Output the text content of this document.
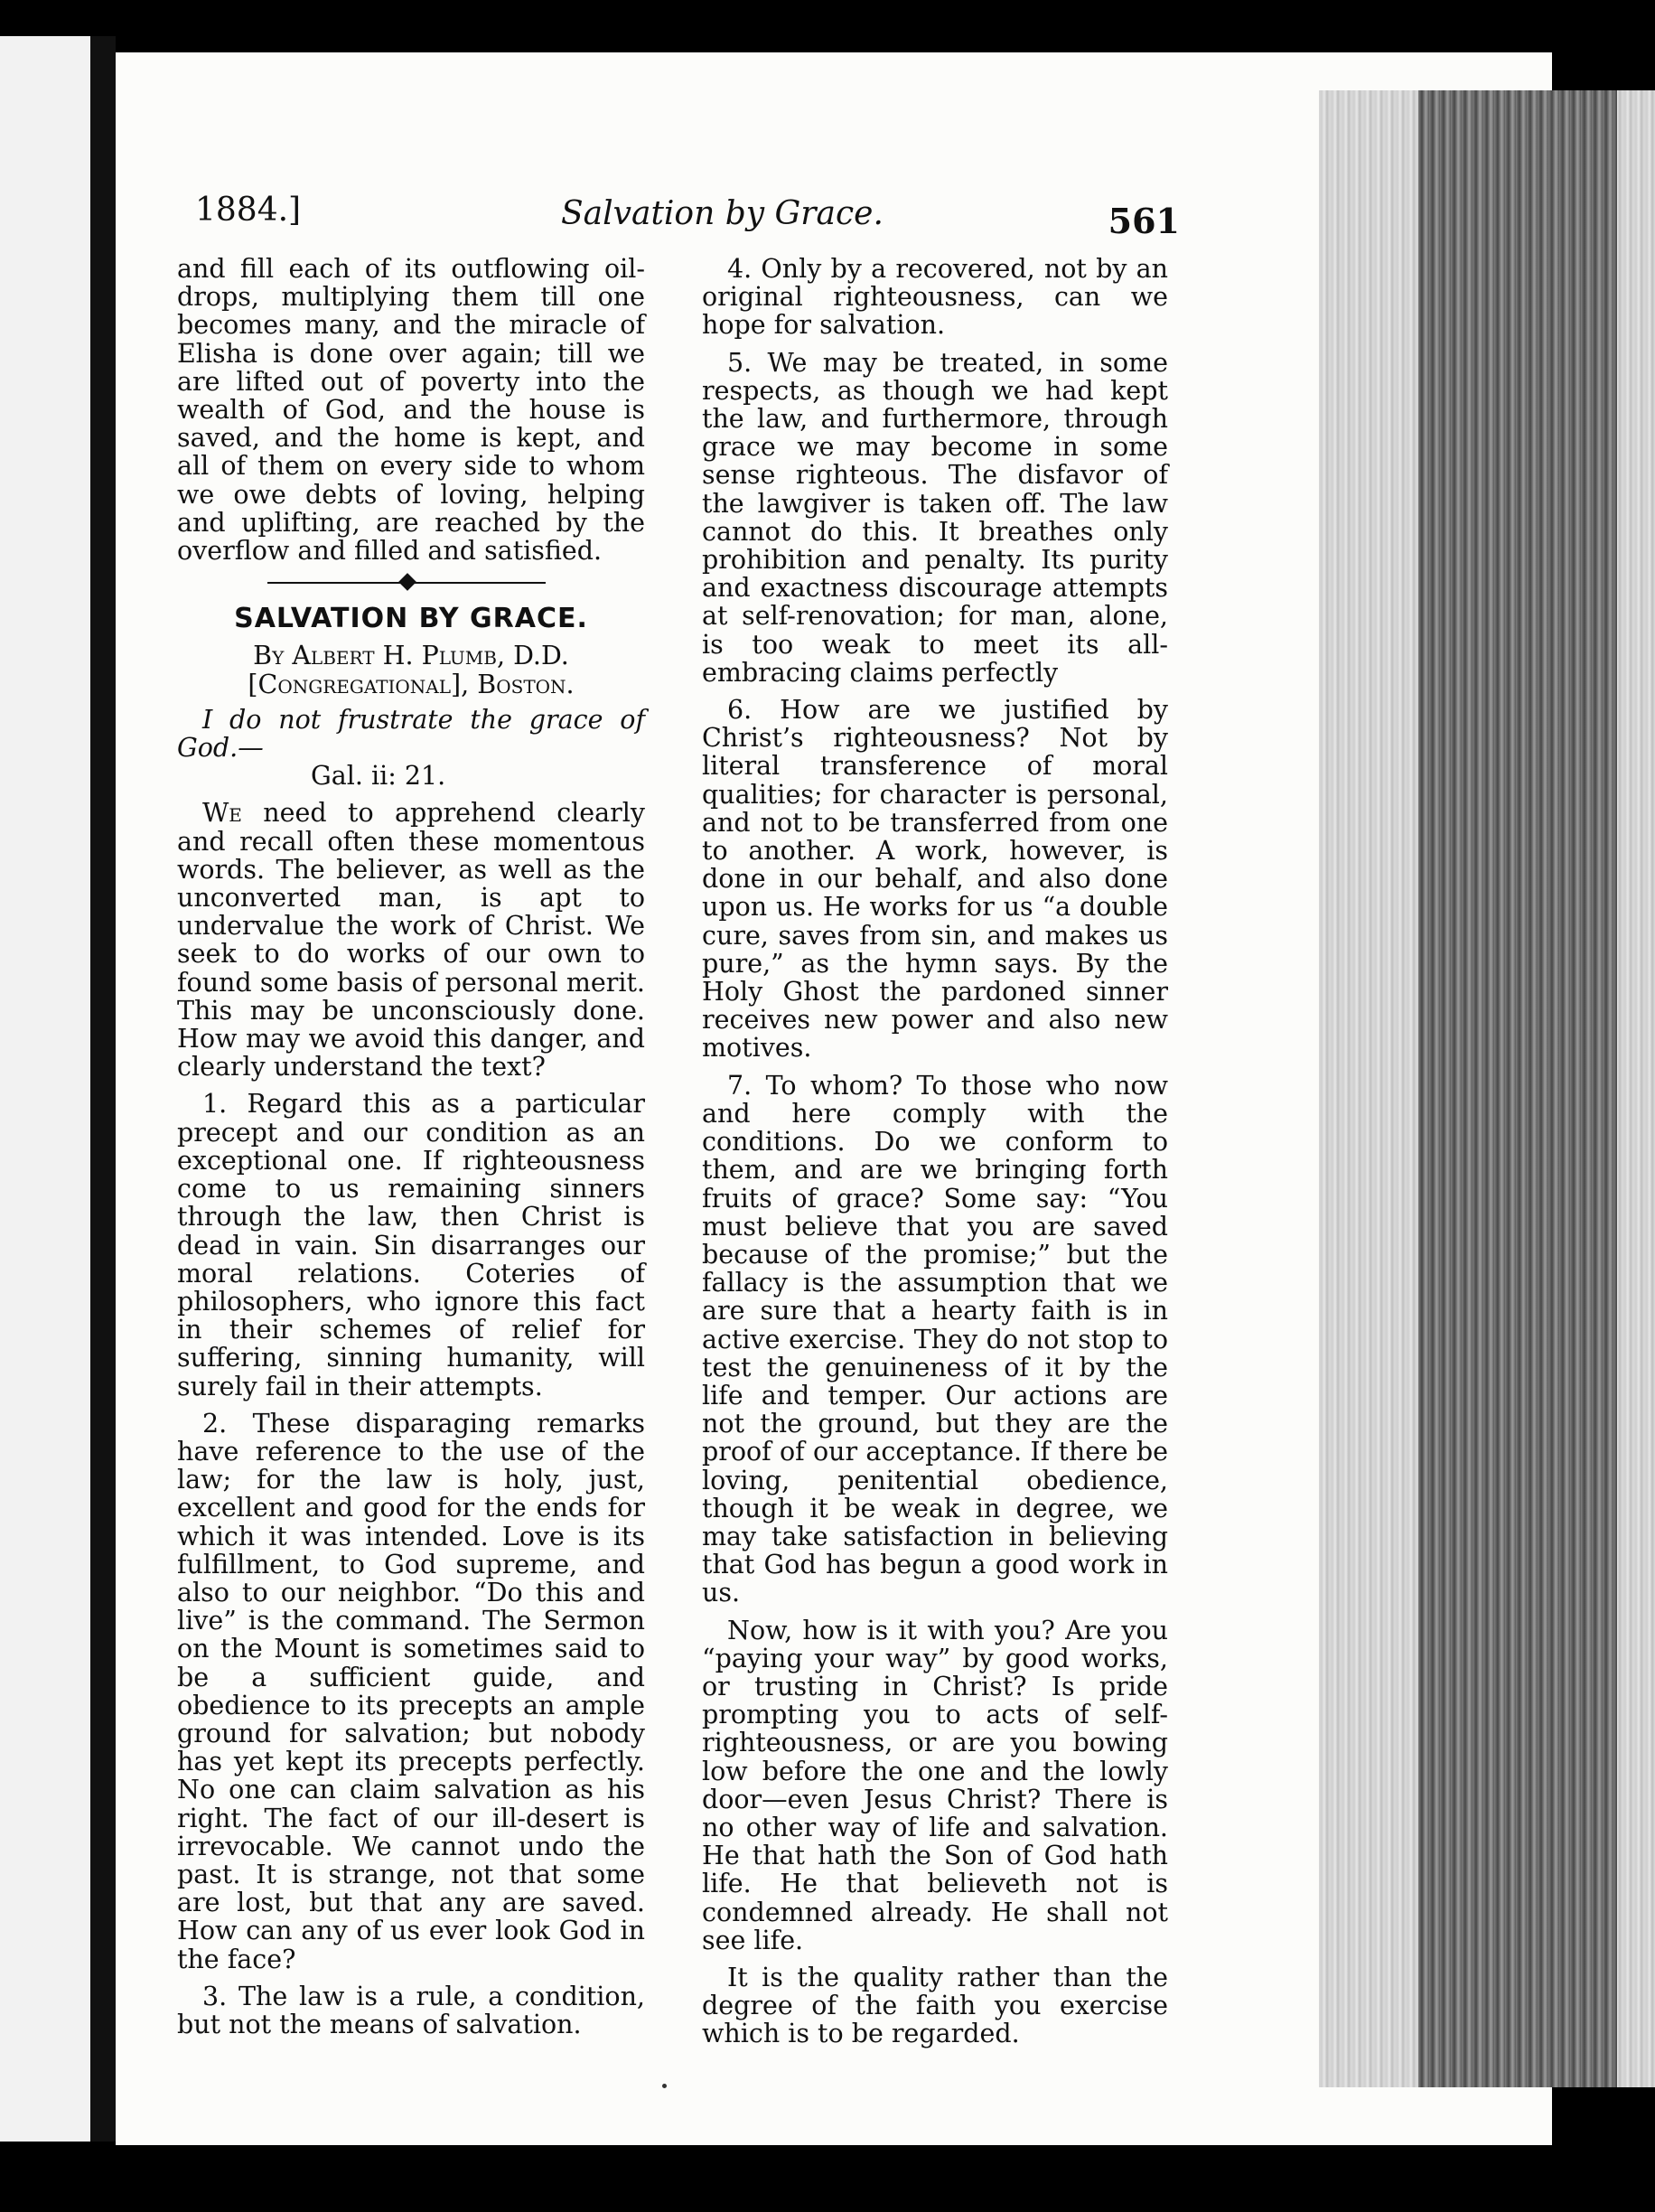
1884.]	Salvation by Grace.	561

and fill each of its outflowing oil-drops, multiplying them till one becomes many, and the miracle of Elisha is done over again; till we are lifted out of poverty into the wealth of God, and the house is saved, and the home is kept, and all of them on every side to whom we owe debts of loving, helping and uplifting, are reached by the overflow and filled and satisfied.

SALVATION BY GRACE.
By Albert H. Plumb, D.D. [Congregational], Boston.

I do not frustrate the grace of God.—
Gal. ii: 21.

We need to apprehend clearly and recall often these momentous words. The believer, as well as the unconverted man, is apt to undervalue the work of Christ. We seek to do works of our own to found some basis of personal merit. This may be unconsciously done. How may we avoid this danger, and clearly understand the text?

1. Regard this as a particular precept and our condition as an exceptional one. If righteousness come to us remaining sinners through the law, then Christ is dead in vain. Sin disarranges our moral relations. Coteries of philosophers, who ignore this fact in their schemes of relief for suffering, sinning humanity, will surely fail in their attempts.

2. These disparaging remarks have reference to the use of the law; for the law is holy, just, excellent and good for the ends for which it was intended. Love is its fulfillment, to God supreme, and also to our neighbor. “Do this and live” is the command. The Sermon on the Mount is sometimes said to be a sufficient guide, and obedience to its precepts an ample ground for salvation; but nobody has yet kept its precepts perfectly. No one can claim salvation as his right. The fact of our ill-desert is irrevocable. We cannot undo the past. It is strange, not that some are lost, but that any are saved. How can any of us ever look God in the face?

3. The law is a rule, a condition, but not the means of salvation.

4. Only by a recovered, not by an original righteousness, can we hope for salvation.

5. We may be treated, in some respects, as though we had kept the law, and furthermore, through grace we may become in some sense righteous. The disfavor of the lawgiver is taken off. The law cannot do this. It breathes only prohibition and penalty. Its purity and exactness discourage attempts at self-renovation; for man, alone, is too weak to meet its all-embracing claims perfectly

6. How are we justified by Christ’s righteousness? Not by literal transference of moral qualities; for character is personal, and not to be transferred from one to another. A work, however, is done in our behalf, and also done upon us. He works for us “a double cure, saves from sin, and makes us pure,” as the hymn says. By the Holy Ghost the pardoned sinner receives new power and also new motives.

7. To whom? To those who now and here comply with the conditions. Do we conform to them, and are we bringing forth fruits of grace? Some say: “You must believe that you are saved because of the promise;” but the fallacy is the assumption that we are sure that a hearty faith is in active exercise. They do not stop to test the genuineness of it by the life and temper. Our actions are not the ground, but they are the proof of our acceptance. If there be loving, penitential obedience, though it be weak in degree, we may take satisfaction in believing that God has begun a good work in us.

Now, how is it with you? Are you “paying your way” by good works, or trusting in Christ? Is pride prompting you to acts of self-righteousness, or are you bowing low before the one and the lowly door—even Jesus Christ? There is no other way of life and salvation. He that hath the Son of God hath life. He that believeth not is condemned already. He shall not see life.

It is the quality rather than the degree of the faith you exercise which is to be regarded.
